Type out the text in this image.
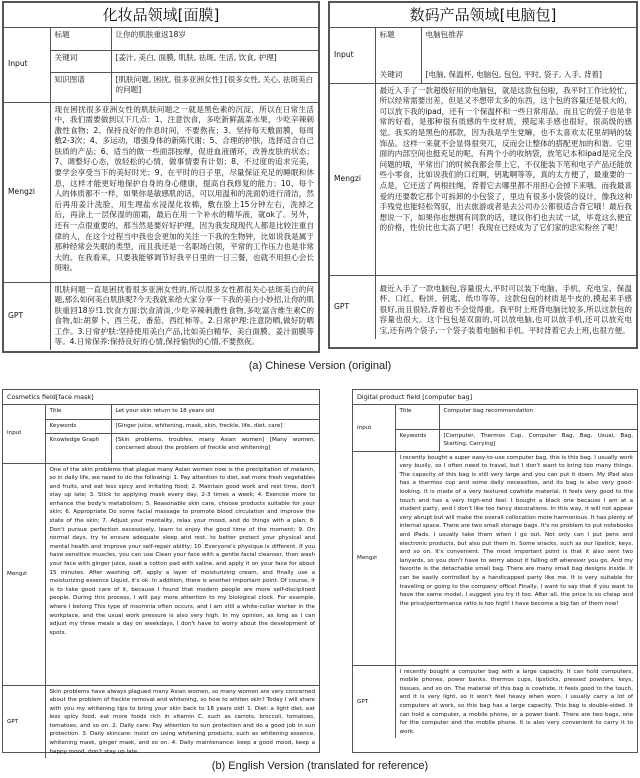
化妆品领域[面膜]
Input	标题	让你的肌肤重返18岁
	关键词	[姜汁, 美白, 面膜, 肌肤, 祛斑, 生活, 饮食, 护理]
	知识图谱	[肌肤问题, 困扰, 很多亚洲女性] [很多女性, 关心, 祛斑美白的问题]
Mengzi	现在困扰很多亚洲女性的肌肤问题之一就是黑色素的沉淀，所以在日常生活中，我们需要做到以下几点：1、注意饮食，多吃新鲜蔬菜水果，少吃辛辣刺激性食物；2、保持良好的作息时间，不要熬夜；3、坚持每天敷面膜，每周敷2-3次；4、多运动，增强身体的新陈代谢；5、合理的护肤，选择适合自己肤质的产品；6、适当的做一些面部按摩，促进血液循环，改善皮肤的状态；7、调整好心态，放轻松的心情，做事情要有计划；8、不过度的追求完美，要学会享受当下的美好时光；9、在平时的日子里，尽量保证充足的睡眠和休息，这样才能更好地保护自身的身心健康，提高自我修复的能力；10、每个人的体质都不一样，如果你是敏感肌的话，可以用温和的洗面奶进行清洁，然后再用姜汁洗脸，用生理盐水浸湿化妆棉，敷在脸上15分钟左右，洗掉之后，再涂上一层保湿的面霜，最后在用一个补水的精华液，就ok了。另外，还有一点很重要的，那当然是要好好护理，因为我发现现代人都是比较注重自律的人，在这个过程当中我也会更加的关注一下我的生物钟，比如说我是属于那种经常会失眠的类型，而且我还是一名职场白领，平常的工作压力也是非常大的。在我看来，只要我能够调节好我平日里的一日三餐，也就不用担心会长斑啦。	
GPT	肌肤问题一直是困扰着很多亚洲女性的,所以很多女性都很关心祛斑美白的问题,那么如何美白肌肤呢?今天我就来给大家分享一下我的美白小妙招,让你的肌肤重回18岁!1.饮食方面:饮食清淡,少吃辛辣刺激性食物,多吃富含维生素C的食物,如:胡萝卜、西兰花、番茄、西红柿等。2.日常护理:注意防晒,做好防晒工作。3.日常护肤:坚持使用美白产品,比如美白精华、美白面膜、姜汁面膜等等。4.日常保养:保持良好的心情,保持愉快的心情,不要熬夜。	
数码产品领域[电脑包]
Input	标题	电脑包推荐
	关键词	[电脑, 保温杯, 电脑包, 包包, 平时, 袋子, 入手, 背着]
Mengzi	最近入手了一款超级好用的电脑包，就是这款包包啦，我平时工作比较忙，所以经常需要出差，但是又不想带太多的东西，这个包的容量还是很大的，可以放下我的ipad，还有一个保温杯和一些日常用品，而且它的袋子也是非常的好看，是那种很有质感的牛皮材质，摸起来手感也很好，很高级的感觉。我买的是黑色的那款，因为我是学生党嘛，也不太喜欢太花里胡哨的装饰品。这样一来就不会显得很突兀，反而会让整体的搭配更加的和谐。它里面的内部空间也挺充足的呢，有两个小的收纳袋，放笔记本和ipad是完全没问题的哦，平常出门的时候我都会带上它，不仅能装下笔和电子产品还能放些小零食，比如说我们的口红啊，钥匙啊等等，真的太方便了，最重要的一点是，它还送了两根挂绳，背着它去哪里都不用担心会掉下来哦。而我最喜爱的还要数它那个可拆卸的小包袋了，里边有很多小袋袋的设计，像我这种手残党也能轻松驾驭，出去旅游或者是去公司办公都很适合背它哦！最后我想说一下，如果你也想拥有同款的话，建议你们也去试一试，毕竟这么便宜的价格，性价比也太高了吧！我现在已经成为了它们家的忠实粉丝了呢！	
GPT	最近入手了一款电脑包,容量很大,平时可以装下电脑、手机、充电宝、保温杯、口红、粉饼、钥匙、纸巾等等。这款包包的材质是牛皮的,摸起来手感很好,而且很轻,背着也不会觉得重。我平时上班背电脑比较多,所以这款包的容量也很大。这个包包是双面的,可以放电脑,也可以放手机,还可以放充电宝,还有两个袋子,一个袋子装着电脑和手机。平时背着它去上班,也很方便。	
(a) Chinese Version (original)
Cosmetics field[face mask]
Input	Title	Let your skin return to 18 years old
	Keywords	[Ginger juice, whitening, mask, skin, freckle, life, diet, care]
	Knowledge Graph	[Skin problems, troubles, many Asian women] [Many women, concerned about the problem of freckle and whitening]
Mengzi	One of the skin problems that plague many Asian women now is the precipitation of melanin, so in daily life, we need to do the following: 1. Pay attention to diet, eat more fresh vegetables and fruits, and eat less spicy and irritating food; 2. Maintain good work and rest time, don't stay up late; 3. Stick to applying mask every day, 2-3 times a week; 4. Exercise more to enhance the body's metabolism; 5. Reasonable skin care, choose products suitable for your skin; 6. Appropriate Do some facial massage to promote blood circulation and improve the state of the skin; 7. Adjust your mentality, relax your mood, and do things with a plan; 8. Don't pursue perfection excessively, learn to enjoy the good time of the moment; 9. On normal days, try to ensure adequate sleep and rest, to better protect your physical and mental health and improve your self-repair ability; 10. Everyone's physique is different. If you have sensitive muscles, you can use Clean your face with a gentle facial cleanser, then wash your face with ginger juice, soak a cotton pad with saline, and apply it on your face for about 15 minutes. After washing off, apply a layer of moisturizing cream, and finally use a moisturizing essence Liquid, it's ok. In addition, there is another important point. Of course, it is to take good care of it, because I found that modern people are more self-disciplined people. During this process, I will pay more attention to my biological clock. For example, where I belong This type of insomnia often occurs, and I am still a white-collar worker in the workplace, and the usual work pressure is also very high. In my opinion, as long as I can adjust my three meals a day on weekdays, I don't have to worry about the development of spots.	
GPT	Skin problems have always plagued many Asian women, so many women are very concerned about the problem of freckle removal and whitening, so how to whiten skin? Today I will share with you my whitening tips to bring your skin back to 18 years old! 1. Diet: a light diet, eat less spicy food, eat more foods rich in vitamin C, such as carrots, broccoli, tomatoes, tomatoes, and so on. 2. Daily care: Pay attention to sun protection and do a good job in sun protection. 3. Daily skincare: insist on using whitening products, such as whitening essence, whitening mask, ginger mask, and so on. 4. Daily maintenance: keep a good mood, keep a happy mood, don't stay up late.	
Digital product field [computer bag]
Input	Title	Computer bag recommendation
	Keywords	[Computer, Thermos Cup, Computer Bag, Bag, Usual, Bag, Starting, Carrying]
Mengzi	I recently bought a super easy-to-use computer bag, this is this bag. I usually work very busily, so I often need to travel, but I don't want to bring too many things. The capacity of this bag is still very large and you can put it down. My iPad also has a thermos cup and some daily necessities, and its bag is also very good-looking. It is made of a very textured cowhide material. It feels very good to the touch and has a very high-end feel. I bought a black one because I am at a student party, and I don't like too fancy decorations. In this way, it will not appear very abrupt but will make the overall collocation more harmonious. It has plenty of internal space. There are two small storage bags. It's no problem to put notebooks and iPads. I usually take them when I go out. Not only can I put pens and electronic products, but also put them in. Some snacks, such as our lipstick, keys, and so on. It's convenient. The most important point is that it also sent two lanyards, so you don't have to worry about it falling off wherever you go. And my favorite is the detachable small bag. There are many small bag designs inside. It can be easily controlled by a handicapped party like me. It is very suitable for traveling or going to the company office! Finally, I want to say that if you want to have the same model, I suggest you try it too. After all, the price is so cheap and the price/performance ratio is too high! I have become a big fan of them now!	
GPT	I recently bought a computer bag with a large capacity. It can hold computers, mobile phones, power banks, thermos cups, lipsticks, pressed powders, keys, tissues, and so on. The material of this bag is cowhide, it feels good to the touch, and it is very light, so it won't feel heavy when worn. I usually carry a lot of computers at work, so this bag has a large capacity. This bag is double-sided. It can hold a computer, a mobile phone, or a power bank. There are two bags, one for the computer and the mobile phone. It is also very convenient to carry it to work.	
(b) English Version (translated for reference)
